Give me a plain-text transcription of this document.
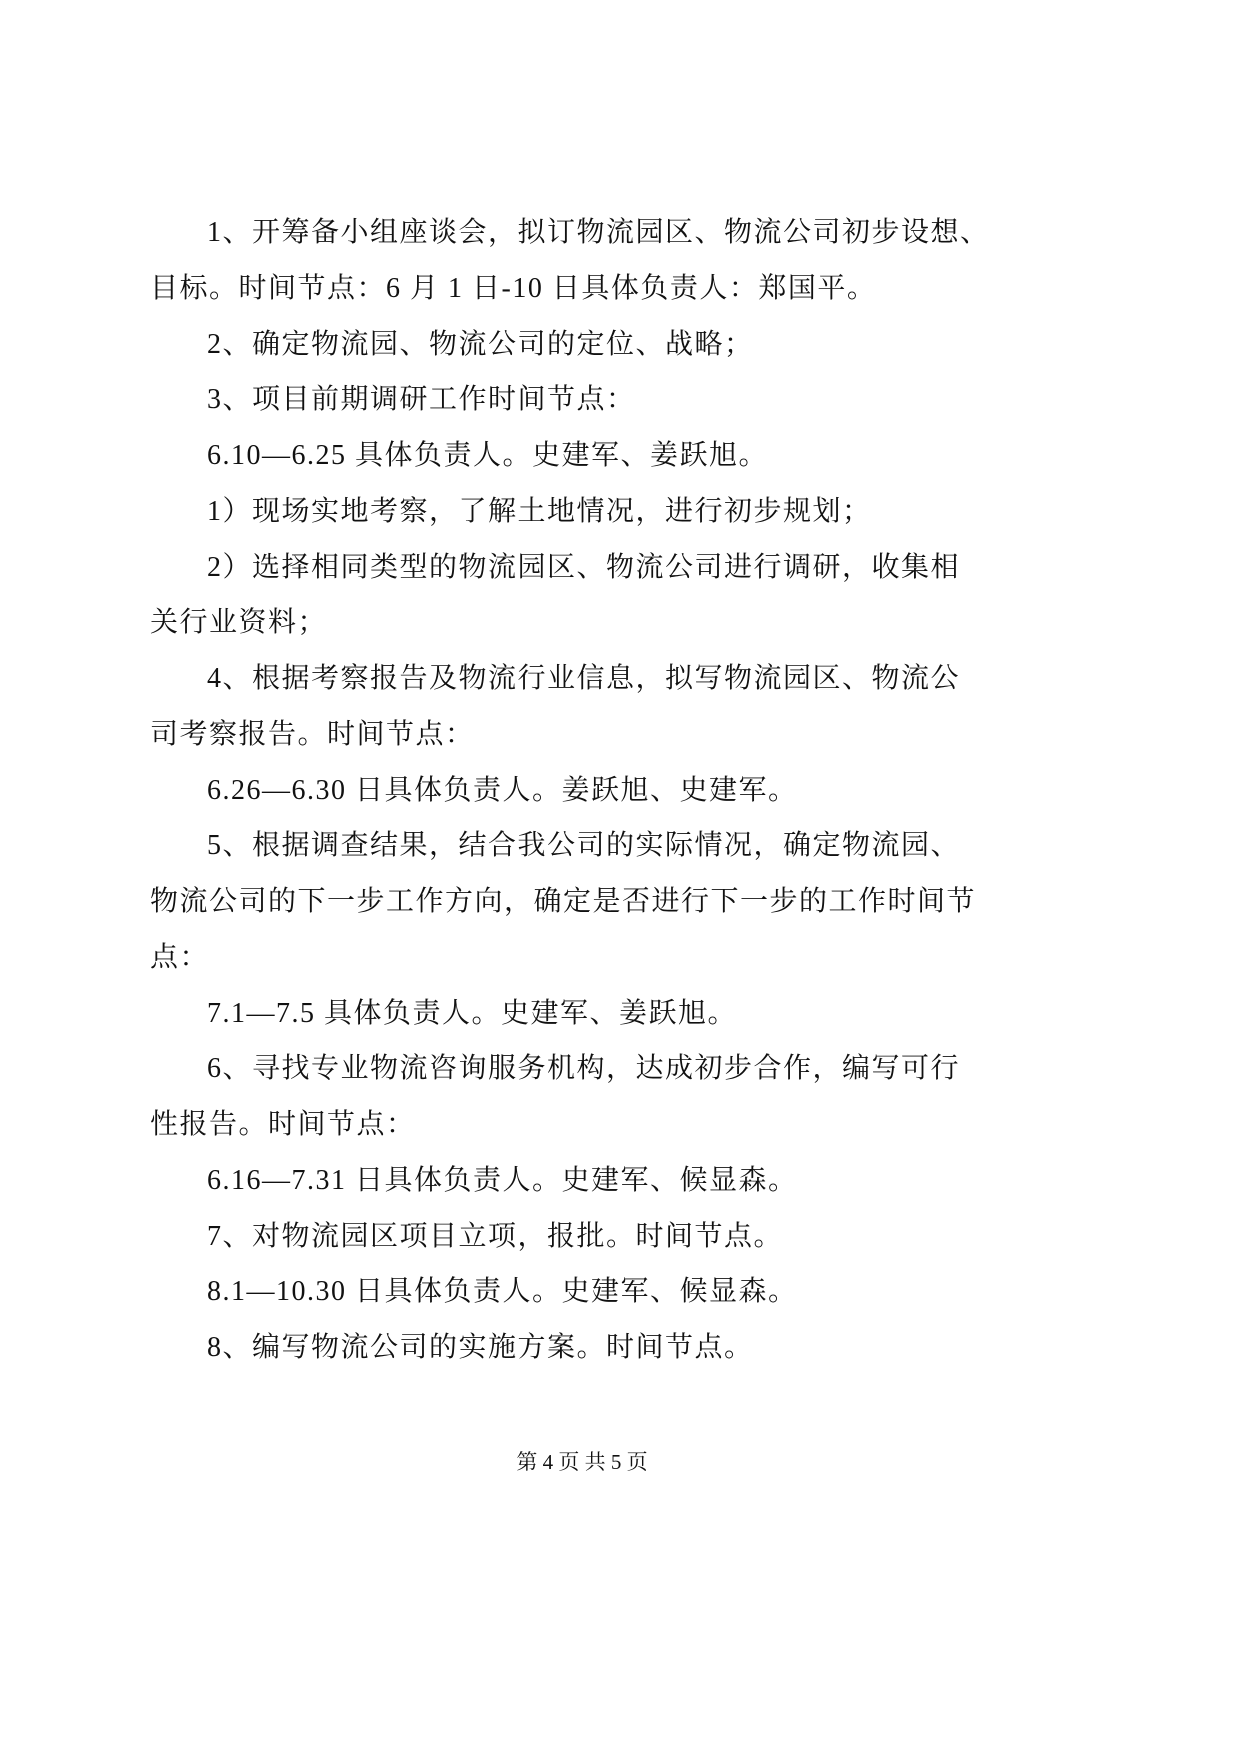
1、开筹备小组座谈会，拟订物流园区、物流公司初步设想、
目标。时间节点：6 月 1 日-10 日具体负责人：郑国平。
2、确定物流园、物流公司的定位、战略；
3、项目前期调研工作时间节点：
6.10—6.25 具体负责人。史建军、姜跃旭。
1）现场实地考察，了解土地情况，进行初步规划；
2）选择相同类型的物流园区、物流公司进行调研，收集相
关行业资料；
4、根据考察报告及物流行业信息，拟写物流园区、物流公
司考察报告。时间节点：
6.26—6.30 日具体负责人。姜跃旭、史建军。
5、根据调查结果，结合我公司的实际情况，确定物流园、
物流公司的下一步工作方向，确定是否进行下一步的工作时间节
点：
7.1—7.5 具体负责人。史建军、姜跃旭。
6、寻找专业物流咨询服务机构，达成初步合作，编写可行
性报告。时间节点：
6.16—7.31 日具体负责人。史建军、候显森。
7、对物流园区项目立项，报批。时间节点。
8.1—10.30 日具体负责人。史建军、候显森。
8、编写物流公司的实施方案。时间节点。
第 4 页 共 5 页
